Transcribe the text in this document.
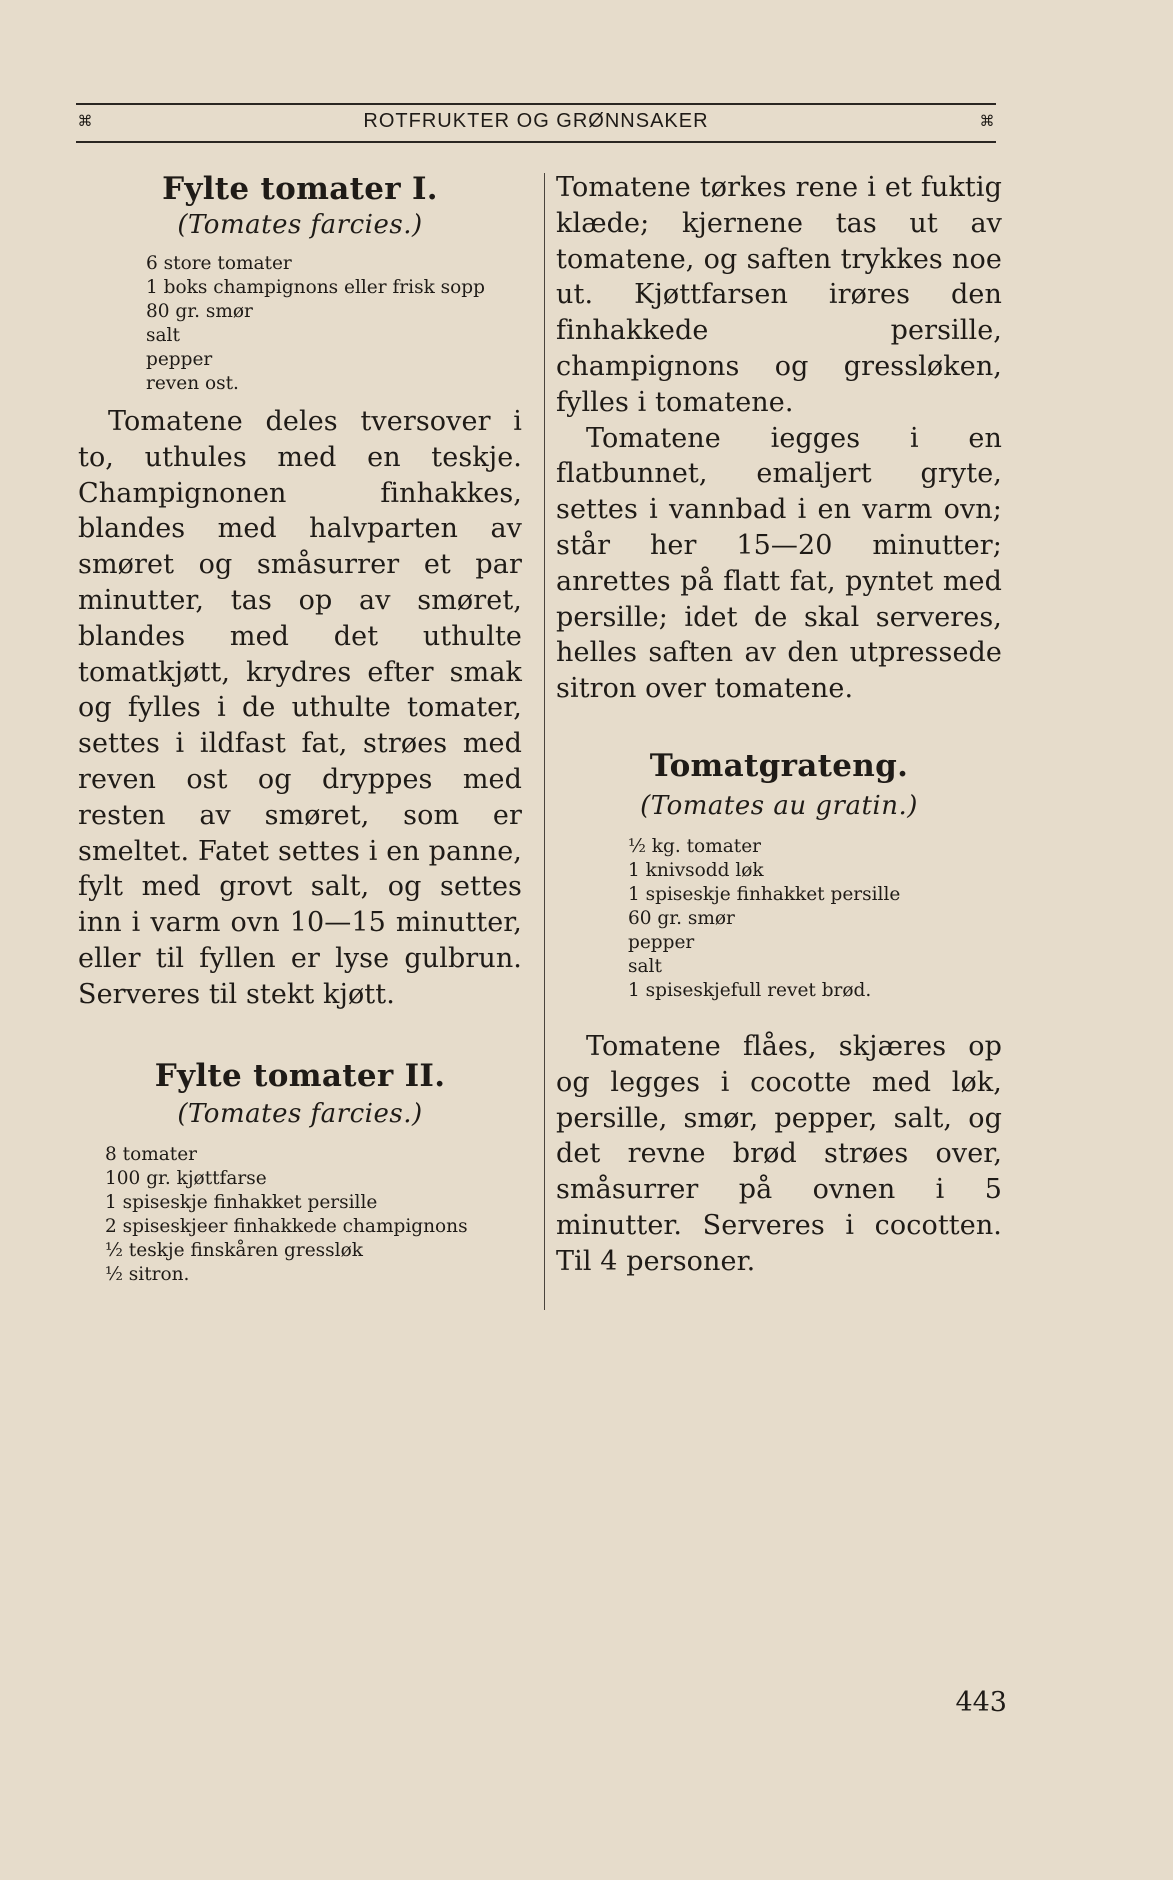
⌘	ROTFRUKTER OG GRØNNSAKER	⌘
Fylte tomater I.
(Tomates farcies.)
6 store tomater
1 boks champignons eller frisk sopp
80 gr. smør
salt
pepper
reven ost.

Tomatene deles tversover i to, uthules med en teskje. Champignonen finhakkes, blandes med halvparten av smøret og småsurrer et par minutter, tas op av smøret, blandes med det uthulte tomatkjøtt, krydres efter smak og fylles i de uthulte tomater, settes i ildfast fat, strøes med reven ost og dryppes med resten av smøret, som er smeltet. Fatet settes i en panne, fylt med grovt salt, og settes inn i varm ovn 10—15 minutter, eller til fyllen er lyse gulbrun. Serveres til stekt kjøtt.

Fylte tomater II.
(Tomates farcies.)
8 tomater
100 gr. kjøttfarse
1 spiseskje finhakket persille
2 spiseskjeer finhakkede champignons
½ teskje finskåren gressløk
½ sitron.

Tomatene tørkes rene i et fuktig klæde; kjernene tas ut av tomatene, og saften trykkes noe ut. Kjøttfarsen irøres den finhakkede persille, champignons og gressløken, fylles i tomatene.

Tomatene iegges i en flatbunnet, emaljert gryte, settes i vannbad i en varm ovn; står her 15—20 minutter; anrettes på flatt fat, pyntet med persille; idet de skal serveres, helles saften av den utpressede sitron over tomatene.

Tomatgrateng.
(Tomates au gratin.)
½ kg. tomater
1 knivsodd løk
1 spiseskje finhakket persille
60 gr. smør
pepper
salt
1 spiseskjefull revet brød.

Tomatene flåes, skjæres op og legges i cocotte med løk, persille, smør, pepper, salt, og det revne brød strøes over, småsurrer på ovnen i 5 minutter. Serveres i cocotten. Til 4 personer.

443
